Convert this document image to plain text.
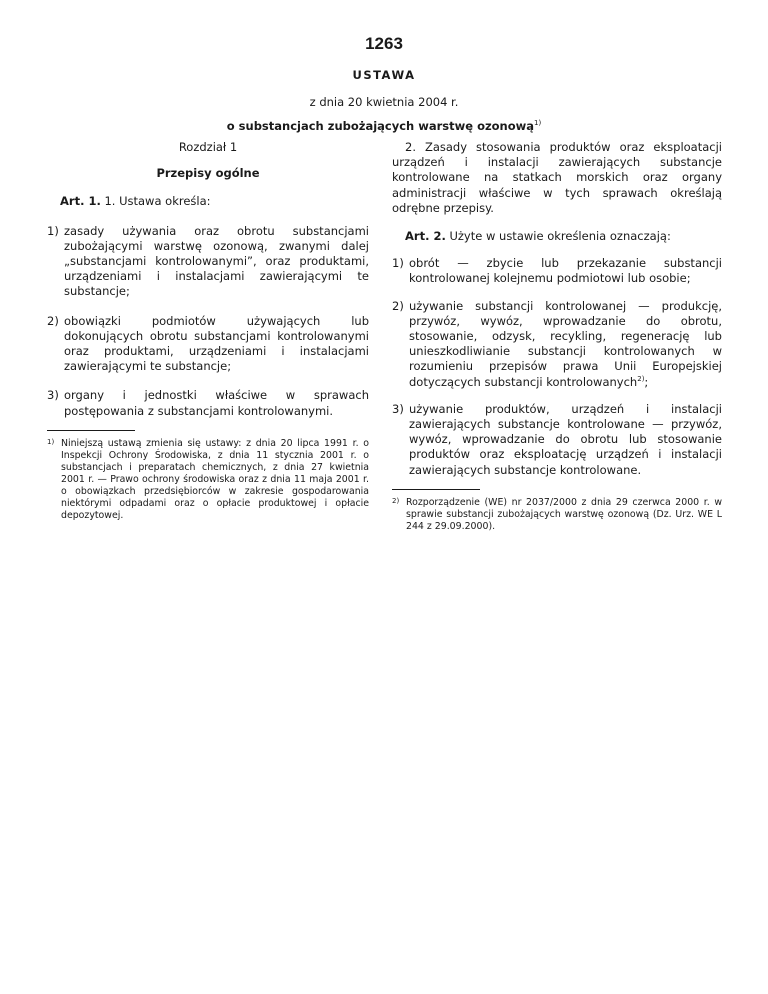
1263
USTAWA
z dnia 20 kwietnia 2004 r.
o substancjach zubożających warstwę ozonową$^{1)}$

Rozdział 1

Przepisy ogólne

Art. 1. 1. Ustawa określa:

1) zasady używania oraz obrotu substancjami zubożającymi warstwę ozonową, zwanymi dalej „substancjami kontrolowanymi”, oraz produktami, urządzeniami i instalacjami zawierającymi te substancje;
2) obowiązki podmiotów używających lub dokonujących obrotu substancjami kontrolowanymi oraz produktami, urządzeniami i instalacjami zawierającymi te substancje;
3) organy i jednostki właściwe w sprawach postępowania z substancjami kontrolowanymi.
1) Niniejszą ustawą zmienia się ustawy: z dnia 20 lipca 1991 r. o Inspekcji Ochrony Środowiska, z dnia 11 stycznia 2001 r. o substancjach i preparatach chemicznych, z dnia 27 kwietnia 2001 r. — Prawo ochrony środowiska oraz z dnia 11 maja 2001 r. o obowiązkach przedsiębiorców w zakresie gospodarowania niektórymi odpadami oraz o opłacie produktowej i opłacie depozytowej.

2. Zasady stosowania produktów oraz eksploatacji urządzeń i instalacji zawierających substancje kontrolowane na statkach morskich oraz organy administracji właściwe w tych sprawach określają odrębne przepisy.

Art. 2. Użyte w ustawie określenia oznaczają:

1) obrót — zbycie lub przekazanie substancji kontrolowanej kolejnemu podmiotowi lub osobie;
2) używanie substancji kontrolowanej — produkcję, przywóz, wywóz, wprowadzanie do obrotu, stosowanie, odzysk, recykling, regenerację lub unieszkodliwianie substancji kontrolowanych w rozumieniu przepisów prawa Unii Europejskiej dotyczących substancji kontrolowanych$^{2)}$;
3) używanie produktów, urządzeń i instalacji zawierających substancje kontrolowane — przywóz, wywóz, wprowadzanie do obrotu lub stosowanie produktów oraz eksploatację urządzeń i instalacji zawierających substancje kontrolowane.
2) Rozporządzenie (WE) nr 2037/2000 z dnia 29 czerwca 2000 r. w sprawie substancji zubożających warstwę ozonową (Dz. Urz. WE L 244 z 29.09.2000).
